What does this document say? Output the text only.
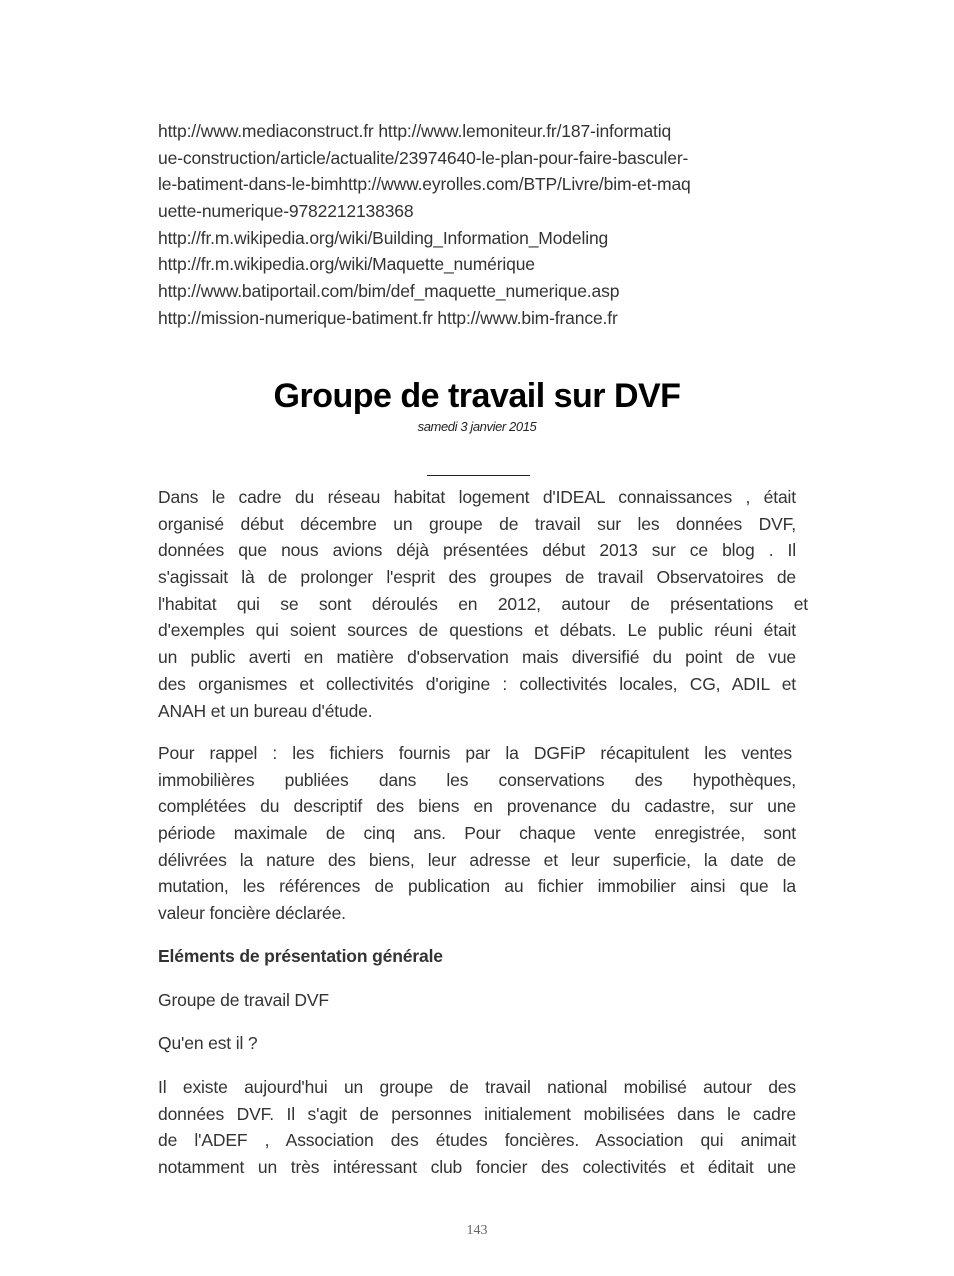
http://www.mediaconstruct.fr http://www.lemoniteur.fr/187-informatiq
ue-construction/article/actualite/23974640-le-plan-pour-faire-basculer-
le-batiment-dans-le-bimhttp://www.eyrolles.com/BTP/Livre/bim-et-maq
uette-numerique-9782212138368
http://fr.m.wikipedia.org/wiki/Building_Information_Modeling
http://fr.m.wikipedia.org/wiki/Maquette_numérique
http://www.batiportail.com/bim/def_maquette_numerique.asp
http://mission-numerique-batiment.fr http://www.bim-france.fr
Groupe de travail sur DVF
samedi 3 janvier 2015
Dans le cadre du réseau habitat logement d'IDEAL connaissances , était
organisé début décembre un groupe de travail sur les données DVF,
données que nous avions déjà présentées début 2013 sur ce blog . Il
s'agissait là de prolonger l'esprit des groupes de travail Observatoires de
l'habitat qui se sont déroulés en 2012, autour de présentations et
d'exemples qui soient sources de questions et débats. Le public réuni était
un public averti en matière d'observation mais diversifié du point de vue
des organismes et collectivités d'origine : collectivités locales, CG, ADIL et
ANAH et un bureau d'étude.
Pour rappel : les fichiers fournis par la DGFiP récapitulent les ventes
immobilières publiées dans les conservations des hypothèques,
complétées du descriptif des biens en provenance du cadastre, sur une
période maximale de cinq ans. Pour chaque vente enregistrée, sont
délivrées la nature des biens, leur adresse et leur superficie, la date de
mutation, les références de publication au fichier immobilier ainsi que la
valeur foncière déclarée.
Eléments de présentation générale
Groupe de travail DVF
Qu'en est il ?
Il existe aujourd'hui un groupe de travail national mobilisé autour des
données DVF. Il s'agit de personnes initialement mobilisées dans le cadre
de l'ADEF , Association des études foncières. Association qui animait
notamment un très intéressant club foncier des colectivités et éditait une
143
